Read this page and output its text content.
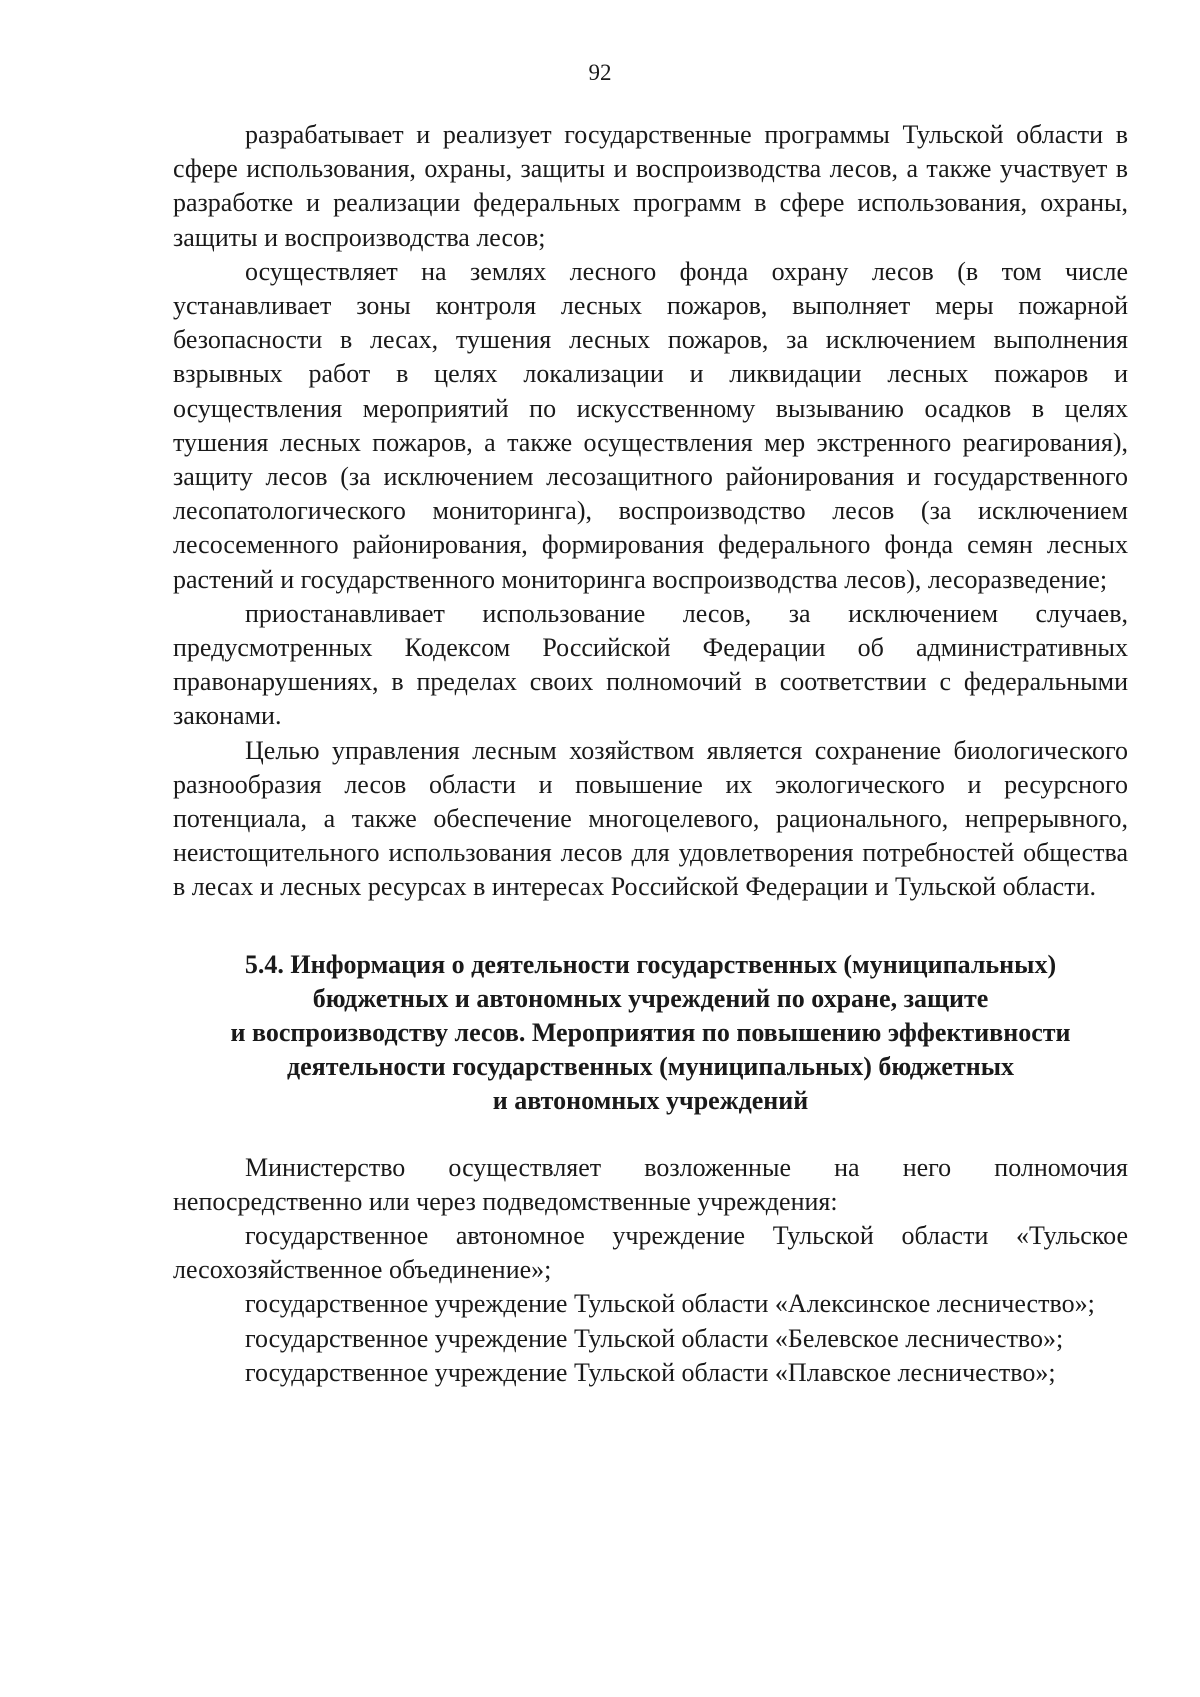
92

разрабатывает и реализует государственные программы Тульской области в сфере использования, охраны, защиты и воспроизводства лесов, а также участвует в разработке и реализации федеральных программ в сфере использования, охраны, защиты и воспроизводства лесов;

осуществляет на землях лесного фонда охрану лесов (в том числе устанавливает зоны контроля лесных пожаров, выполняет меры пожарной безопасности в лесах, тушения лесных пожаров, за исключением выполнения взрывных работ в целях локализации и ликвидации лесных пожаров и осуществления мероприятий по искусственному вызыванию осадков в целях тушения лесных пожаров, а также осуществления мер экстренного реагирования), защиту лесов (за исключением лесозащитного районирования и государственного лесопатологического мониторинга), воспроизводство лесов (за исключением лесосеменного районирования, формирования федерального фонда семян лесных растений и государственного мониторинга воспроизводства лесов), лесоразведение;

приостанавливает использование лесов, за исключением случаев, предусмотренных Кодексом Российской Федерации об административных правонарушениях, в пределах своих полномочий в соответствии с федеральными законами.

Целью управления лесным хозяйством является сохранение биологического разнообразия лесов области и повышение их экологического и ресурсного потенциала, а также обеспечение многоцелевого, рационального, непрерывного, неистощительного использования лесов для удовлетворения потребностей общества в лесах и лесных ресурсах в интересах Российской Федерации и Тульской области.

5.4. Информация о деятельности государственных (муниципальных)
бюджетных и автономных учреждений по охране, защите
и воспроизводству лесов. Мероприятия по повышению эффективности
деятельности государственных (муниципальных) бюджетных
и автономных учреждений

Министерство осуществляет возложенные на него полномочия непосредственно или через подведомственные учреждения:

государственное автономное учреждение Тульской области «Тульское лесохозяйственное объединение»;

государственное учреждение Тульской области «Алексинское лесничество»;

государственное учреждение Тульской области «Белевское лесничество»;

государственное учреждение Тульской области «Плавское лесничество»;
